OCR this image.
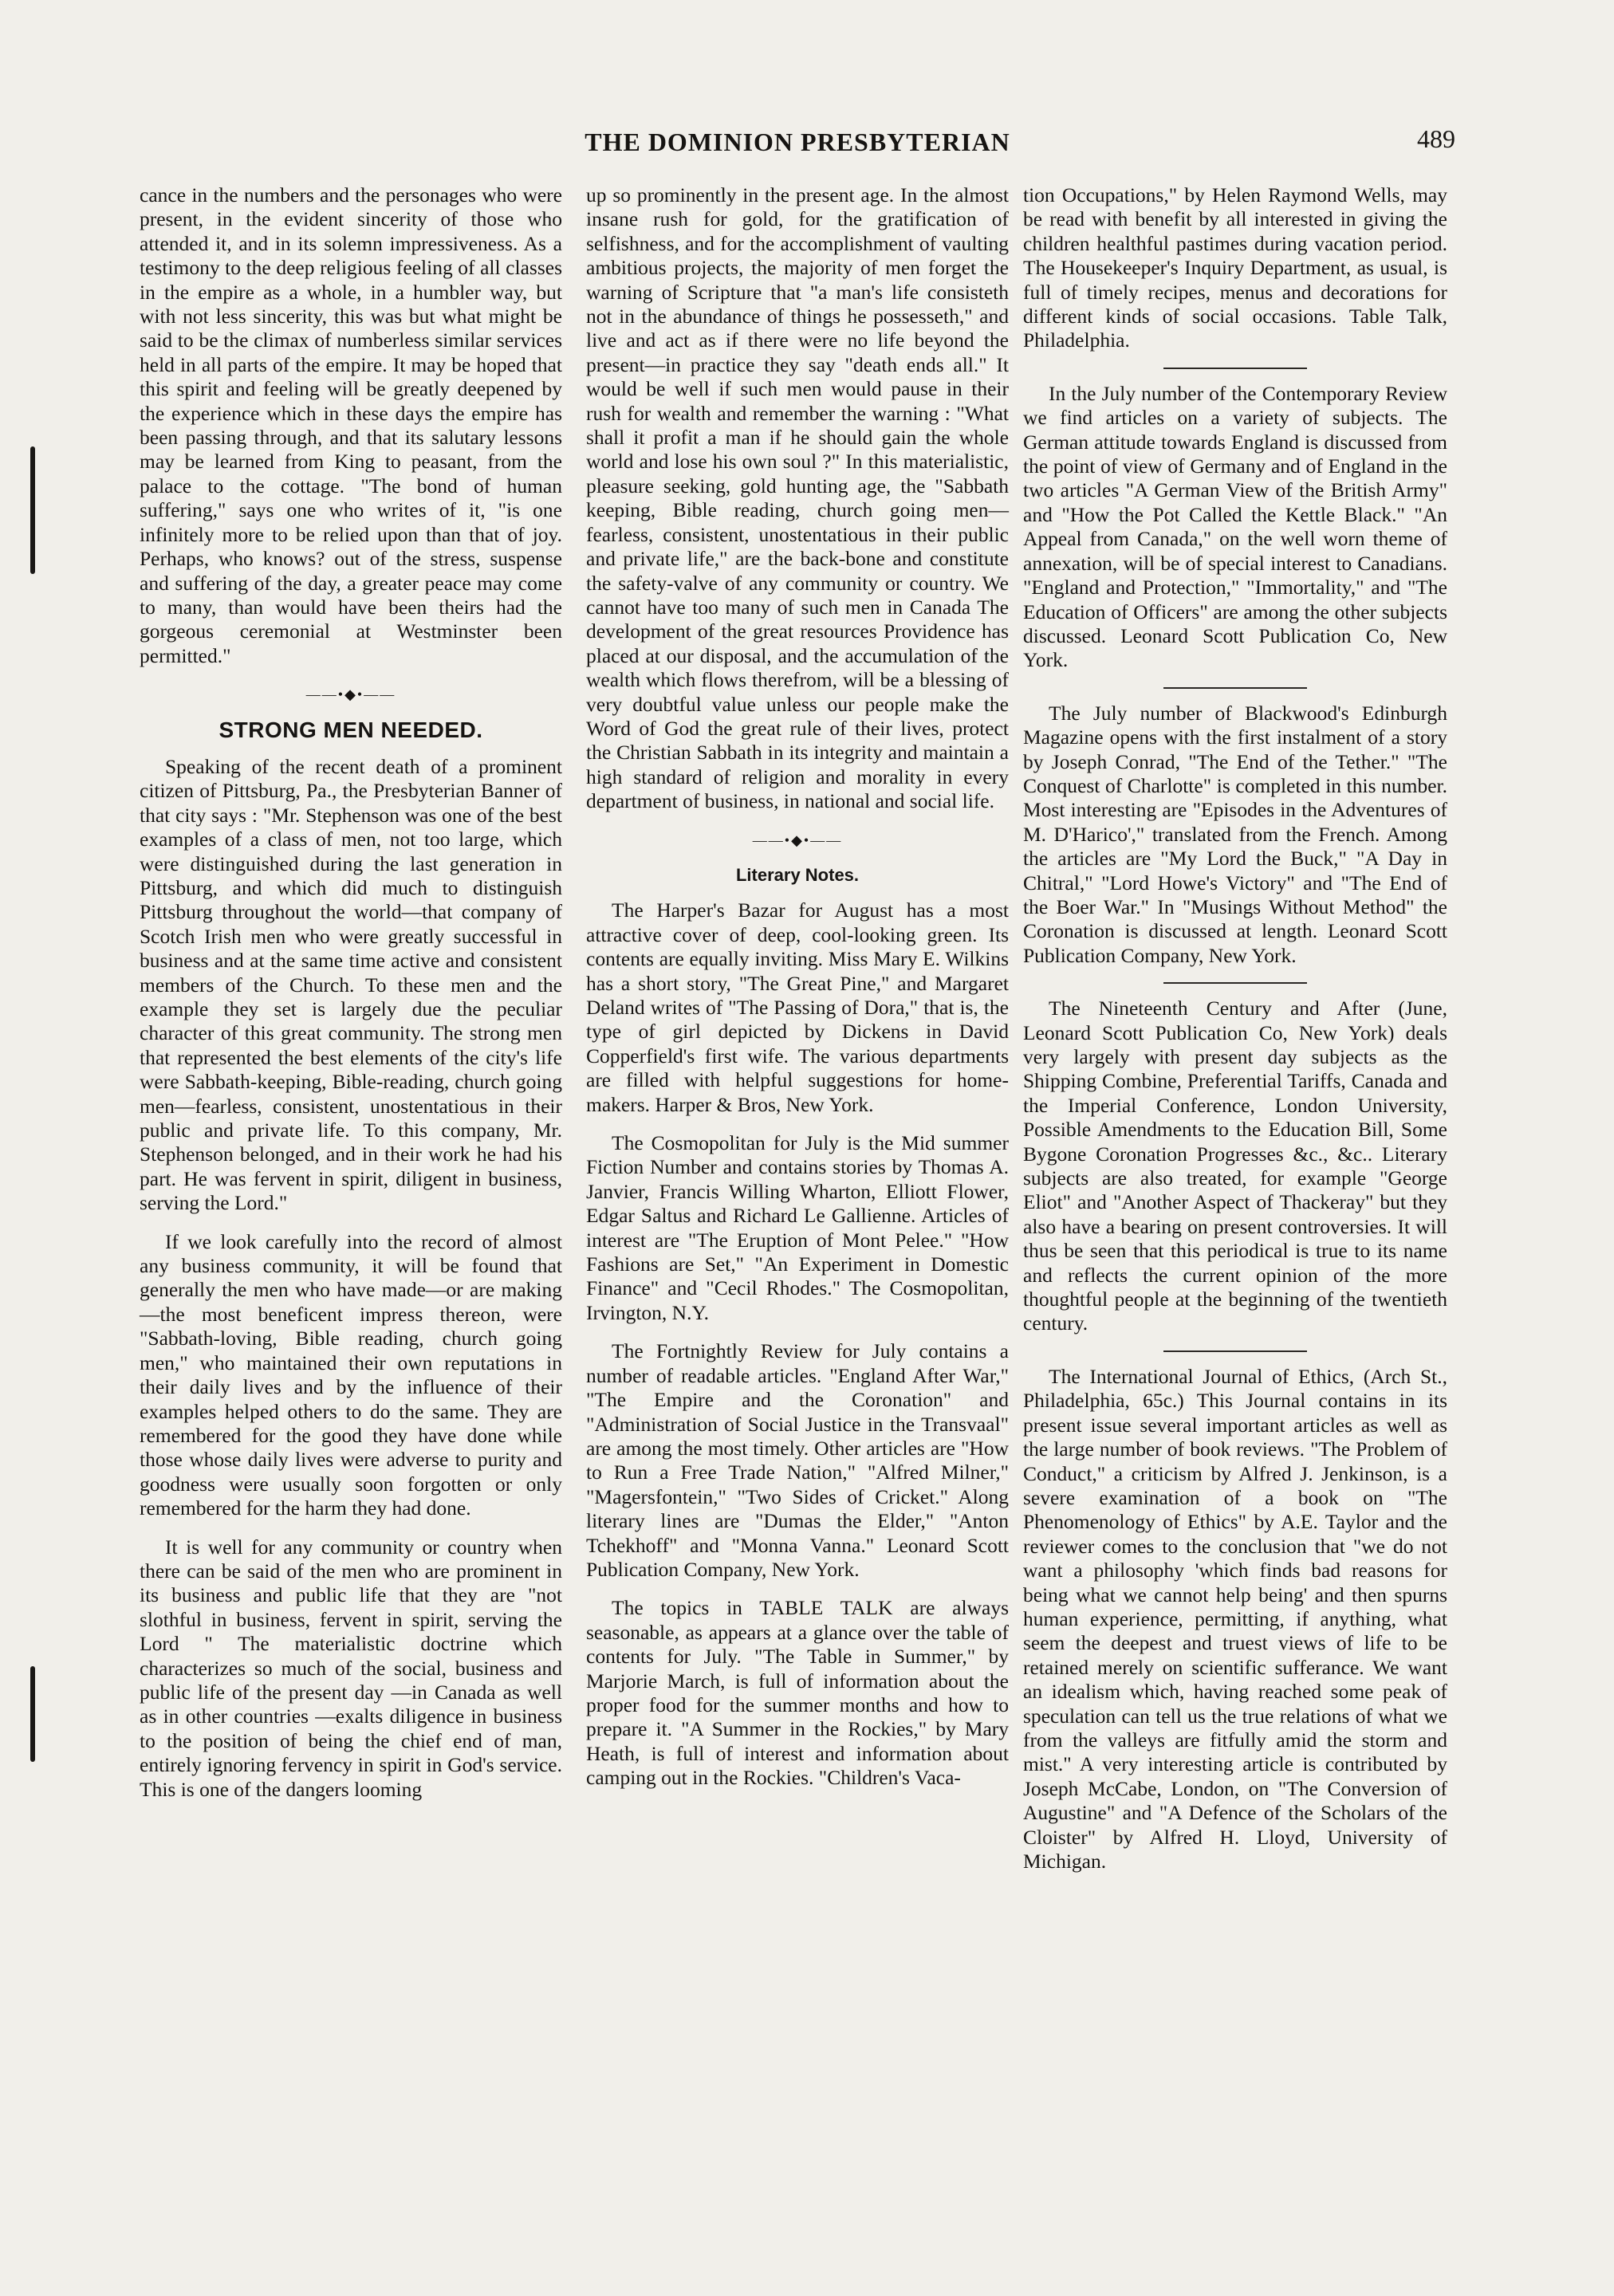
THE DOMINION PRESBYTERIAN	489

cance in the numbers and the personages who were present, in the evident sincerity of those who attended it, and in its solemn impressiveness. As a testimony to the deep religious feeling of all classes in the empire as a whole, in a humbler way, but with not less sincerity, this was but what might be said to be the climax of numberless similar services held in all parts of the empire. It may be hoped that this spirit and feeling will be greatly deepened by the experience which in these days the empire has been passing through, and that its salutary lessons may be learned from King to peasant, from the palace to the cottage. "The bond of human suffering," says one who writes of it, "is one infinitely more to be relied upon than that of joy. Perhaps, who knows? out of the stress, suspense and suffering of the day, a greater peace may come to many, than would have been theirs had the gorgeous ceremonial at Westminster been permitted."

——•◆•——
STRONG MEN NEEDED.

Speaking of the recent death of a prominent citizen of Pittsburg, Pa., the Presbyterian Banner of that city says : "Mr. Stephenson was one of the best examples of a class of men, not too large, which were distinguished during the last generation in Pittsburg, and which did much to distinguish Pittsburg throughout the world—that company of Scotch Irish men who were greatly successful in business and at the same time active and consistent members of the Church. To these men and the example they set is largely due the peculiar character of this great community. The strong men that represented the best elements of the city's life were Sabbath-keeping, Bible-reading, church going men—fearless, consistent, unostentatious in their public and private life. To this company, Mr. Stephenson belonged, and in their work he had his part. He was fervent in spirit, diligent in business, serving the Lord."

If we look carefully into the record of almost any business community, it will be found that generally the men who have made—or are making—the most beneficent impress thereon, were "Sabbath-loving, Bible reading, church going men," who maintained their own reputations in their daily lives and by the influence of their examples helped others to do the same. They are remembered for the good they have done while those whose daily lives were adverse to purity and goodness were usually soon forgotten or only remembered for the harm they had done.

It is well for any community or country when there can be said of the men who are prominent in its business and public life that they are "not slothful in business, fervent in spirit, serving the Lord " The materialistic doctrine which characterizes so much of the social, business and public life of the present day —in Canada as well as in other countries —exalts diligence in business to the position of being the chief end of man, entirely ignoring fervency in spirit in God's service. This is one of the dangers looming

up so prominently in the present age. In the almost insane rush for gold, for the gratification of selfishness, and for the accomplishment of vaulting ambitious projects, the majority of men forget the warning of Scripture that "a man's life consisteth not in the abundance of things he possesseth," and live and act as if there were no life beyond the present—in practice they say "death ends all." It would be well if such men would pause in their rush for wealth and remember the warning : "What shall it profit a man if he should gain the whole world and lose his own soul ?" In this materialistic, pleasure seeking, gold hunting age, the "Sabbath keeping, Bible reading, church going men—fearless, consistent, unostentatious in their public and private life," are the back-bone and constitute the safety-valve of any community or country. We cannot have too many of such men in Canada The development of the great resources Providence has placed at our disposal, and the accumulation of the wealth which flows therefrom, will be a blessing of very doubtful value unless our people make the Word of God the great rule of their lives, protect the Christian Sabbath in its integrity and maintain a high standard of religion and morality in every department of business, in national and social life.

——•◆•——
Literary Notes.

The Harper's Bazar for August has a most attractive cover of deep, cool-looking green. Its contents are equally inviting. Miss Mary E. Wilkins has a short story, "The Great Pine," and Margaret Deland writes of "The Passing of Dora," that is, the type of girl depicted by Dickens in David Copperfield's first wife. The various departments are filled with helpful suggestions for home-makers. Harper & Bros, New York.

The Cosmopolitan for July is the Mid summer Fiction Number and contains stories by Thomas A. Janvier, Francis Willing Wharton, Elliott Flower, Edgar Saltus and Richard Le Gallienne. Articles of interest are "The Eruption of Mont Pelee." "How Fashions are Set," "An Experiment in Domestic Finance" and "Cecil Rhodes." The Cosmopolitan, Irvington, N.Y.

The Fortnightly Review for July contains a number of readable articles. "England After War," "The Empire and the Coronation" and "Administration of Social Justice in the Transvaal" are among the most timely. Other articles are "How to Run a Free Trade Nation," "Alfred Milner," "Magersfontein," "Two Sides of Cricket." Along literary lines are "Dumas the Elder," "Anton Tchekhoff" and "Monna Vanna." Leonard Scott Publication Company, New York.

The topics in TABLE TALK are always seasonable, as appears at a glance over the table of contents for July. "The Table in Summer," by Marjorie March, is full of information about the proper food for the summer months and how to prepare it. "A Summer in the Rockies," by Mary Heath, is full of interest and information about camping out in the Rockies. "Children's Vaca-

tion Occupations," by Helen Raymond Wells, may be read with benefit by all interested in giving the children healthful pastimes during vacation period. The Housekeeper's Inquiry Department, as usual, is full of timely recipes, menus and decorations for different kinds of social occasions. Table Talk, Philadelphia.

In the July number of the Contemporary Review we find articles on a variety of subjects. The German attitude towards England is discussed from the point of view of Germany and of England in the two articles "A German View of the British Army" and "How the Pot Called the Kettle Black." "An Appeal from Canada," on the well worn theme of annexation, will be of special interest to Canadians. "England and Protection," "Immortality," and "The Education of Officers" are among the other subjects discussed. Leonard Scott Publication Co, New York.

The July number of Blackwood's Edinburgh Magazine opens with the first instalment of a story by Joseph Conrad, "The End of the Tether." "The Conquest of Charlotte" is completed in this number. Most interesting are "Episodes in the Adventures of M. D'Harico'," translated from the French. Among the articles are "My Lord the Buck," "A Day in Chitral," "Lord Howe's Victory" and "The End of the Boer War." In "Musings Without Method" the Coronation is discussed at length. Leonard Scott Publication Company, New York.

The Nineteenth Century and After (June, Leonard Scott Publication Co, New York) deals very largely with present day subjects as the Shipping Combine, Preferential Tariffs, Canada and the Imperial Conference, London University, Possible Amendments to the Education Bill, Some Bygone Coronation Progresses &c., &c.. Literary subjects are also treated, for example "George Eliot" and "Another Aspect of Thackeray" but they also have a bearing on present controversies. It will thus be seen that this periodical is true to its name and reflects the current opinion of the more thoughtful people at the beginning of the twentieth century.

The International Journal of Ethics, (Arch St., Philadelphia, 65c.) This Journal contains in its present issue several important articles as well as the large number of book reviews. "The Problem of Conduct," a criticism by Alfred J. Jenkinson, is a severe examination of a book on "The Phenomenology of Ethics" by A.E. Taylor and the reviewer comes to the conclusion that "we do not want a philosophy 'which finds bad reasons for being what we cannot help being' and then spurns human experience, permitting, if anything, what seem the deepest and truest views of life to be retained merely on scientific sufferance. We want an idealism which, having reached some peak of speculation can tell us the true relations of what we from the valleys are fitfully amid the storm and mist." A very interesting article is contributed by Joseph McCabe, London, on "The Conversion of Augustine" and "A Defence of the Scholars of the Cloister" by Alfred H. Lloyd, University of Michigan.
